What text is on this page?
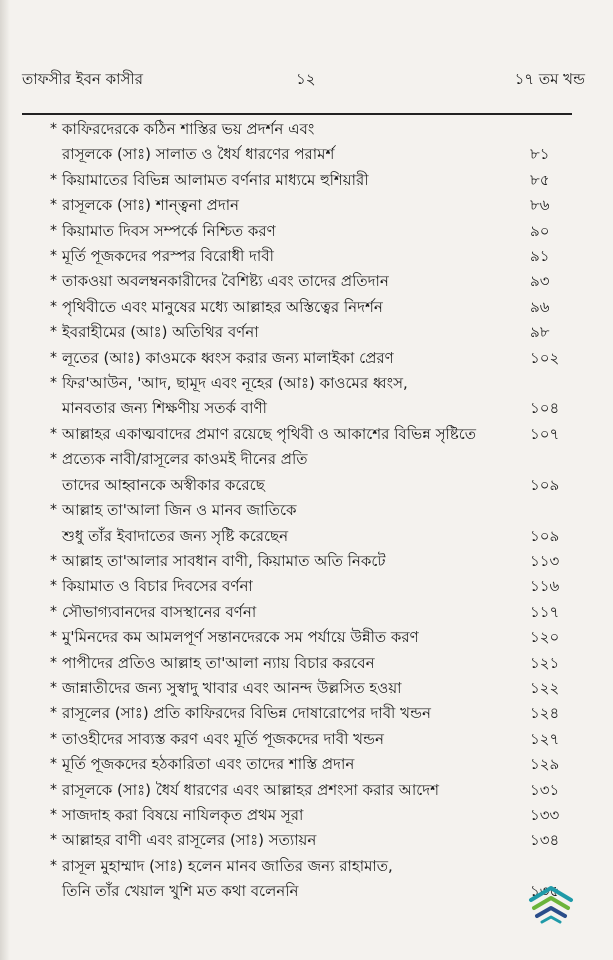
তাফসীর ইবন কাসীর	১২	১৭ তম খন্ড
* কাফিরদেরকে কঠিন শাস্তির ভয় প্রদর্শন এবং
রাসূলকে (সাঃ) সালাত ও ধৈর্য ধারণের পরামর্শ	৮১
* কিয়ামাতের বিভিন্ন আলামত বর্ণনার মাধ্যমে হুশিয়ারী	৮৫
* রাসূলকে (সাঃ) শান্ত্বনা প্রদান	৮৬
* কিয়ামাত দিবস সম্পর্কে নিশ্চিত করণ	৯০
* মূর্তি পূজকদের পরস্পর বিরোধী দাবী	৯১
* তাকওয়া অবলম্বনকারীদের বৈশিষ্ট্য এবং তাদের প্রতিদান	৯৩
* পৃথিবীতে এবং মানুষের মধ্যে আল্লাহর অস্তিত্বের নিদর্শন	৯৬
* ইবরাহীমের (আঃ) অতিথির বর্ণনা	৯৮
* লূতের (আঃ) কাওমকে ধ্বংস করার জন্য মালাইকা প্রেরণ	১০২
* ফির'আউন, 'আদ, ছামূদ এবং নূহের (আঃ) কাওমের ধ্বংস,
মানবতার জন্য শিক্ষণীয় সতর্ক বাণী	১০৪
* আল্লাহর একাত্মবাদের প্রমাণ রয়েছে পৃথিবী ও আকাশের বিভিন্ন সৃষ্টিতে	১০৭
* প্রত্যেক নাবী/রাসূলের কাওমই দীনের প্রতি
তাদের আহ্বানকে অস্বীকার করেছে	১০৯
* আল্লাহ তা'আলা জিন ও মানব জাতিকে
শুধু তাঁর ইবাদাতের জন্য সৃষ্টি করেছেন	১০৯
* আল্লাহ তা'আলার সাবধান বাণী, কিয়ামাত অতি নিকটে	১১৩
* কিয়ামাত ও বিচার দিবসের বর্ণনা	১১৬
* সৌভাগ্যবানদের বাসস্থানের বর্ণনা	১১৭
* মু'মিনদের কম আমলপূর্ণ সন্তানদেরকে সম পর্যায়ে উন্নীত করণ	১২০
* পাপীদের প্রতিও আল্লাহ তা'আলা ন্যায় বিচার করবেন	১২১
* জান্নাতীদের জন্য সুস্বাদু খাবার এবং আনন্দ উল্লসিত হওয়া	১২২
* রাসূলের (সাঃ) প্রতি কাফিরদের বিভিন্ন দোষারোপের দাবী খন্ডন	১২৪
* তাওহীদের সাব্যস্ত করণ এবং মূর্তি পূজকদের দাবী খন্ডন	১২৭
* মূর্তি পূজকদের হঠকারিতা এবং তাদের শাস্তি প্রদান	১২৯
* রাসূলকে (সাঃ) ধৈর্য ধারণের এবং আল্লাহর প্রশংসা করার আদেশ	১৩১
* সাজদাহ করা বিষয়ে নাযিলকৃত প্রথম সূরা	১৩৩
* আল্লাহর বাণী এবং রাসূলের (সাঃ) সত্যায়ন	১৩৪
* রাসূল মুহাম্মাদ (সাঃ) হলেন মানব জাতির জন্য রাহামাত,
তিনি তাঁর খেয়াল খুশি মত কথা বলেননি	১৩৫
